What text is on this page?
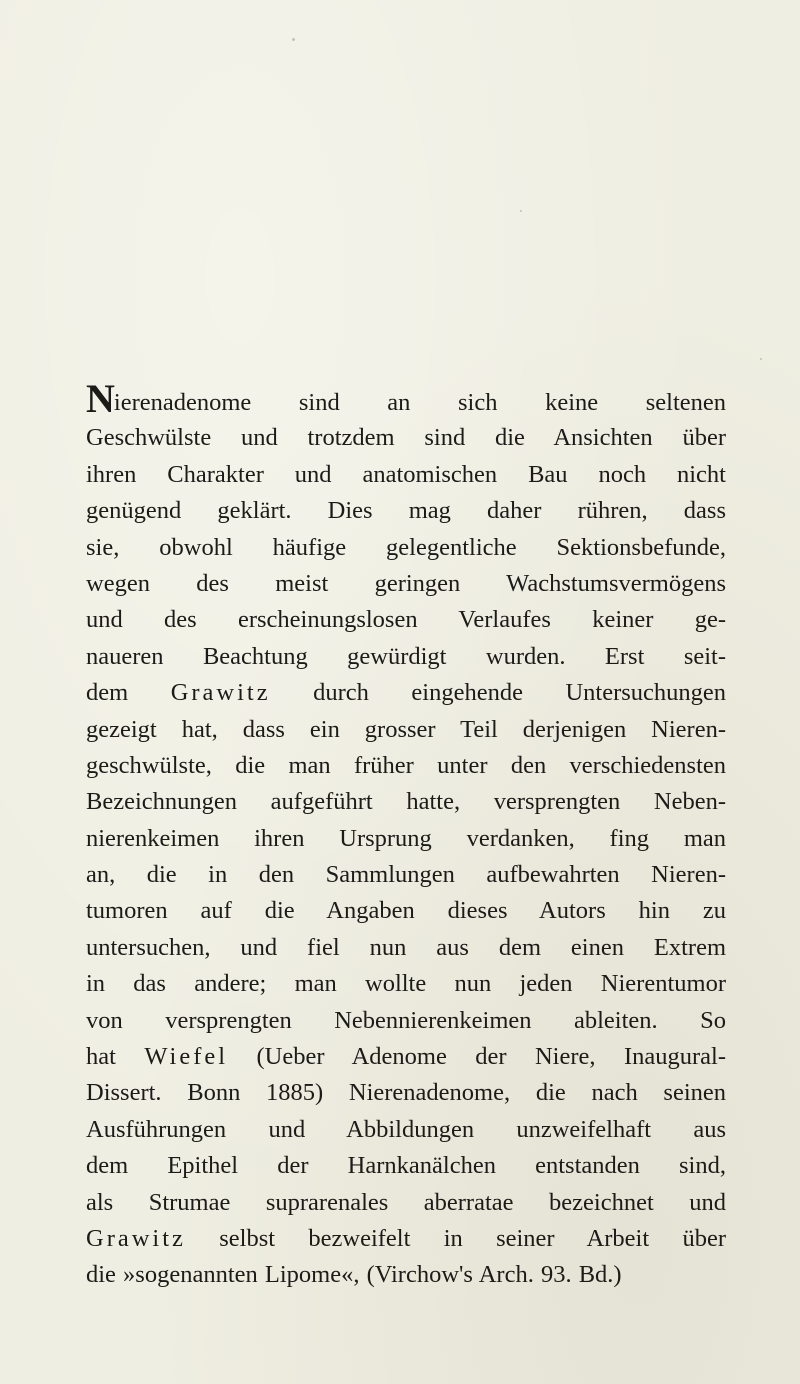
Nierenadenome sind an sich keine seltenen
Geschwülste und trotzdem sind die Ansichten über
ihren Charakter und anatomischen Bau noch nicht
genügend geklärt. Dies mag daher rühren, dass
sie, obwohl häufige gelegentliche Sektionsbefunde,
wegen des meist geringen Wachstumsvermögens
und des erscheinungslosen Verlaufes keiner ge-
naueren Beachtung gewürdigt wurden. Erst seit-
dem Grawitz durch eingehende Untersuchungen
gezeigt hat, dass ein grosser Teil derjenigen Nieren-
geschwülste, die man früher unter den verschiedensten
Bezeichnungen aufgeführt hatte, versprengten Neben-
nierenkeimen ihren Ursprung verdanken, fing man
an, die in den Sammlungen aufbewahrten Nieren-
tumoren auf die Angaben dieses Autors hin zu
untersuchen, und fiel nun aus dem einen Extrem
in das andere; man wollte nun jeden Nierentumor
von versprengten Nebennierenkeimen ableiten. So
hat Wiefel (Ueber Adenome der Niere, Inaugural-
Dissert. Bonn 1885) Nierenadenome, die nach seinen
Ausführungen und Abbildungen unzweifelhaft aus
dem Epithel der Harnkanälchen entstanden sind,
als Strumae suprarenales aberratae bezeichnet und
Grawitz selbst bezweifelt in seiner Arbeit über
die »sogenannten Lipome«, (Virchow's Arch. 93. Bd.)
